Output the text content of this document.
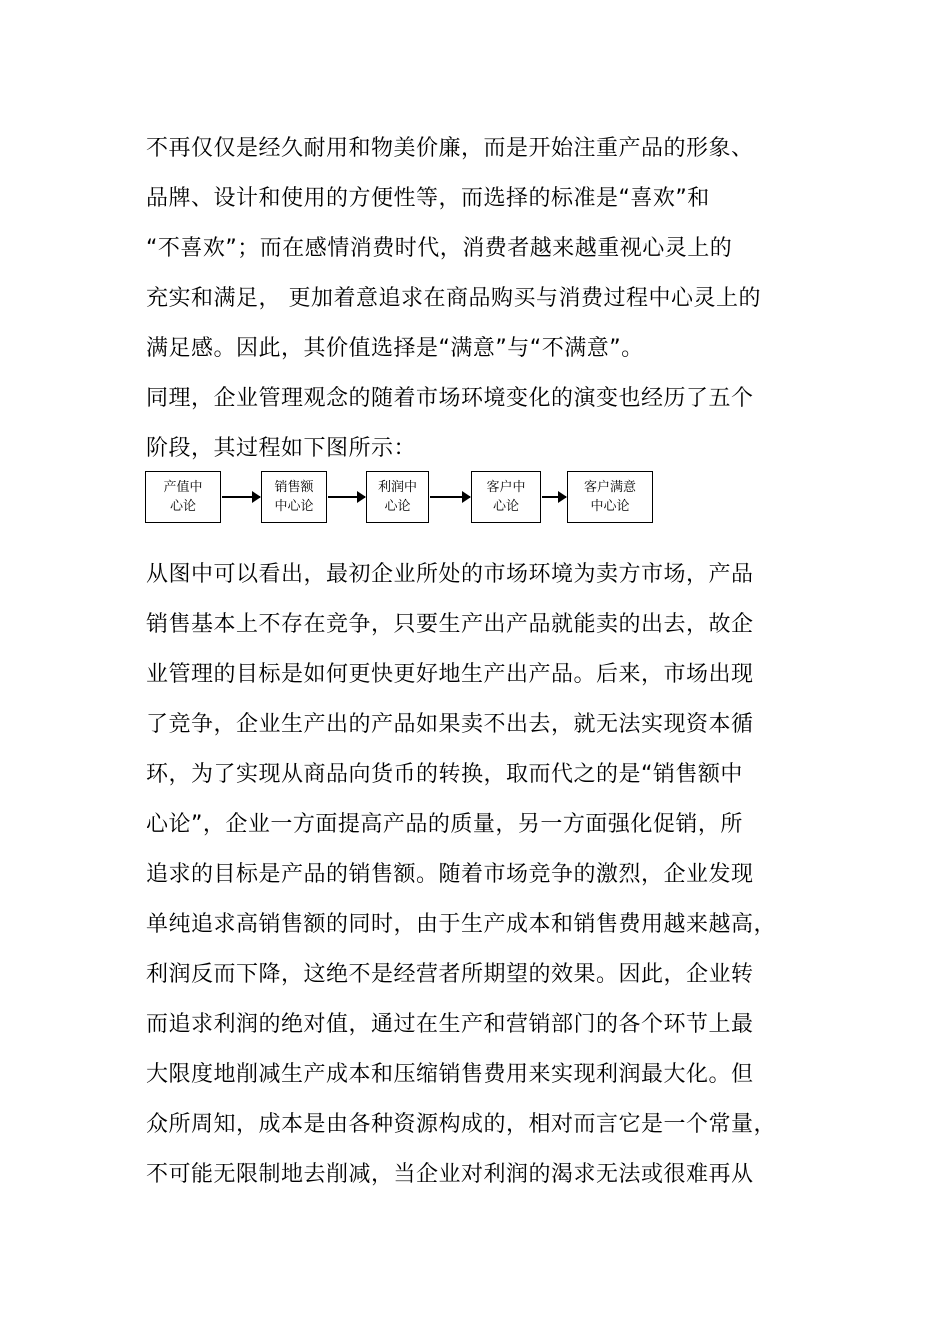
不再仅仅是经久耐用和物美价廉，而是开始注重产品的形象、
品牌、设计和使用的方便性等，而选择的标准是“喜欢”和
“不喜欢”；而在感情消费时代，消费者越来越重视心灵上的
充实和满足， 更加着意追求在商品购买与消费过程中心灵上的
满足感。因此，其价值选择是“满意”与“不满意”。
同理，企业管理观念的随着市场环境变化的演变也经历了五个
阶段，其过程如下图所示：
产值中
心论
销售额
中心论
利润中
心论
客户中
心论
客户满意
中心论
从图中可以看出，最初企业所处的市场环境为卖方市场，产品
销售基本上不存在竞争，只要生产出产品就能卖的出去，故企
业管理的目标是如何更快更好地生产出产品。后来，市场出现
了竞争，企业生产出的产品如果卖不出去，就无法实现资本循
环，为了实现从商品向货币的转换，取而代之的是“销售额中
心论”，企业一方面提高产品的质量，另一方面强化促销，所
追求的目标是产品的销售额。随着市场竞争的激烈，企业发现
单纯追求高销售额的同时，由于生产成本和销售费用越来越高，
利润反而下降，这绝不是经营者所期望的效果。因此，企业转
而追求利润的绝对值，通过在生产和营销部门的各个环节上最
大限度地削减生产成本和压缩销售费用来实现利润最大化。但
众所周知，成本是由各种资源构成的，相对而言它是一个常量，
不可能无限制地去削减，当企业对利润的渴求无法或很难再从
